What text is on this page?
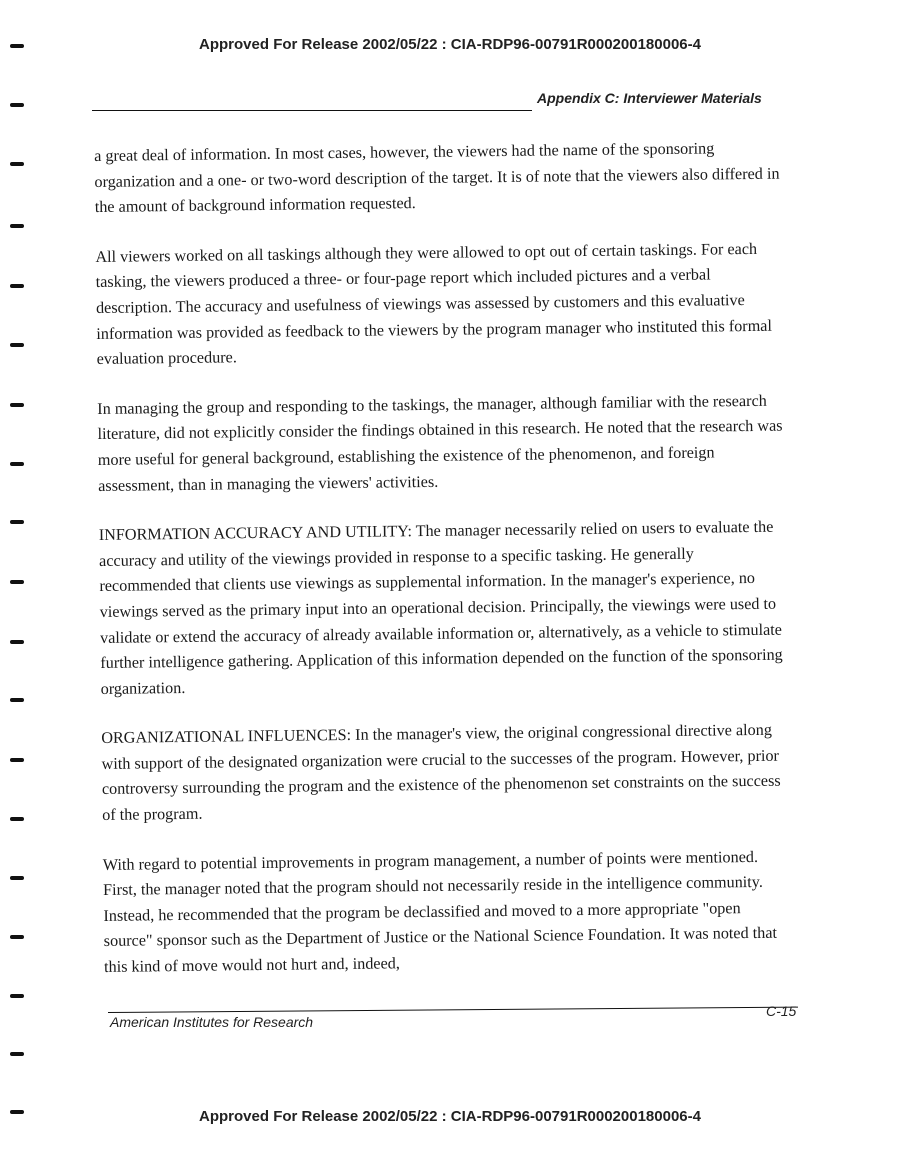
Approved For Release 2002/05/22 : CIA-RDP96-00791R000200180006-4
Appendix C: Interviewer Materials

a great deal of information. In most cases, however, the viewers had the name of the sponsoring organization and a one- or two-word description of the target. It is of note that the viewers also differed in the amount of background information requested.

All viewers worked on all taskings although they were allowed to opt out of certain taskings. For each tasking, the viewers produced a three- or four-page report which included pictures and a verbal description. The accuracy and usefulness of viewings was assessed by customers and this evaluative information was provided as feedback to the viewers by the program manager who instituted this formal evaluation procedure.

In managing the group and responding to the taskings, the manager, although familiar with the research literature, did not explicitly consider the findings obtained in this research. He noted that the research was more useful for general background, establishing the existence of the phenomenon, and foreign assessment, than in managing the viewers' activities.

INFORMATION ACCURACY AND UTILITY: The manager necessarily relied on users to evaluate the accuracy and utility of the viewings provided in response to a specific tasking. He generally recommended that clients use viewings as supplemental information. In the manager's experience, no viewings served as the primary input into an operational decision. Principally, the viewings were used to validate or extend the accuracy of already available information or, alternatively, as a vehicle to stimulate further intelligence gathering. Application of this information depended on the function of the sponsoring organization.

ORGANIZATIONAL INFLUENCES: In the manager's view, the original congressional directive along with support of the designated organization were crucial to the successes of the program. However, prior controversy surrounding the program and the existence of the phenomenon set constraints on the success of the program.

With regard to potential improvements in program management, a number of points were mentioned. First, the manager noted that the program should not necessarily reside in the intelligence community. Instead, he recommended that the program be declassified and moved to a more appropriate "open source" sponsor such as the Department of Justice or the National Science Foundation. It was noted that this kind of move would not hurt and, indeed,

American Institutes for Research
C-15
Approved For Release 2002/05/22 : CIA-RDP96-00791R000200180006-4
